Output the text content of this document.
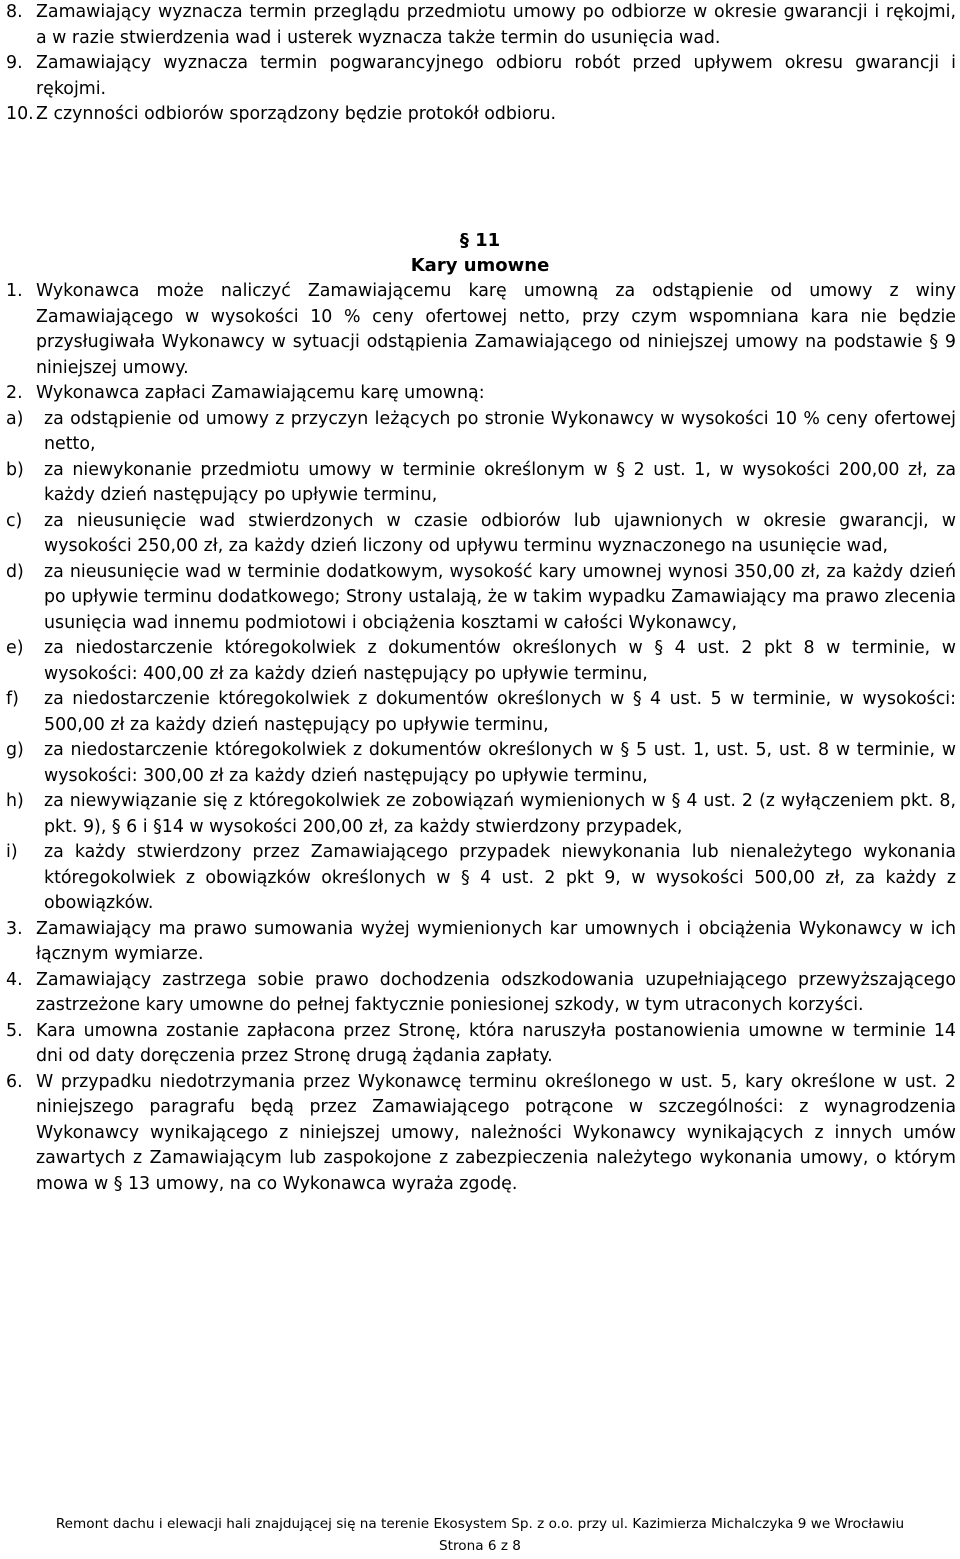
8. Zamawiający wyznacza termin przeglądu przedmiotu umowy po odbiorze w okresie gwarancji i rękojmi, a w razie stwierdzenia wad i usterek wyznacza także termin do usunięcia wad.
9. Zamawiający wyznacza termin pogwarancyjnego odbioru robót przed upływem okresu gwarancji i rękojmi.
10. Z czynności odbiorów sporządzony będzie protokół odbioru.
§ 11
Kary umowne
1. Wykonawca może naliczyć Zamawiającemu karę umowną za odstąpienie od umowy z winy Zamawiającego w wysokości 10 % ceny ofertowej netto, przy czym wspomniana kara nie będzie przysługiwała Wykonawcy w sytuacji odstąpienia Zamawiającego od niniejszej umowy na podstawie § 9 niniejszej umowy.
2. Wykonawca zapłaci Zamawiającemu karę umowną:
a)	za odstąpienie od umowy z przyczyn leżących po stronie Wykonawcy w wysokości 10 % ceny ofertowej netto,
b)	za niewykonanie przedmiotu umowy w terminie określonym w § 2 ust. 1, w wysokości 200,00 zł, za każdy dzień następujący po upływie terminu,
c)	za nieusunięcie wad stwierdzonych w czasie odbiorów lub ujawnionych w okresie gwarancji, w wysokości 250,00 zł, za każdy dzień liczony od upływu terminu wyznaczonego na usunięcie wad,
d)	za nieusunięcie wad w terminie dodatkowym, wysokość kary umownej wynosi 350,00 zł, za każdy dzień po upływie terminu dodatkowego; Strony ustalają, że w takim wypadku Zamawiający ma prawo zlecenia usunięcia wad innemu podmiotowi i obciążenia kosztami w całości Wykonawcy,
e)	za niedostarczenie któregokolwiek z dokumentów określonych w § 4 ust. 2 pkt 8 w terminie, w wysokości: 400,00 zł za każdy dzień następujący po upływie terminu,
f)	za niedostarczenie któregokolwiek z dokumentów określonych w § 4 ust. 5 w terminie, w wysokości: 500,00 zł za każdy dzień następujący po upływie terminu,
g)	za niedostarczenie któregokolwiek z dokumentów określonych w § 5 ust. 1, ust. 5, ust. 8 w terminie, w wysokości: 300,00 zł za każdy dzień następujący po upływie terminu,
h)	za niewywiązanie się z któregokolwiek ze zobowiązań wymienionych w § 4 ust. 2 (z wyłączeniem pkt. 8, pkt. 9), § 6 i §14 w wysokości 200,00 zł, za każdy stwierdzony przypadek,
i)	za każdy stwierdzony przez Zamawiającego przypadek niewykonania lub nienależytego wykonania któregokolwiek z obowiązków określonych w § 4 ust. 2 pkt 9, w wysokości 500,00 zł, za każdy z obowiązków.
3. Zamawiający ma prawo sumowania wyżej wymienionych kar umownych i obciążenia Wykonawcy w ich łącznym wymiarze.
4. Zamawiający zastrzega sobie prawo dochodzenia odszkodowania uzupełniającego przewyższającego zastrzeżone kary umowne do pełnej faktycznie poniesionej szkody, w tym utraconych korzyści.
5. Kara umowna zostanie zapłacona przez Stronę, która naruszyła postanowienia umowne w terminie 14 dni od daty doręczenia przez Stronę drugą żądania zapłaty.
6. W przypadku niedotrzymania przez Wykonawcę terminu określonego w ust. 5, kary określone w ust. 2 niniejszego paragrafu będą przez Zamawiającego potrącone w szczególności: z wynagrodzenia Wykonawcy wynikającego z niniejszej umowy, należności Wykonawcy wynikających z innych umów zawartych z Zamawiającym lub zaspokojone z zabezpieczenia należytego wykonania umowy, o którym mowa w § 13 umowy, na co Wykonawca wyraża zgodę.
Remont dachu i elewacji hali znajdującej się na terenie Ekosystem Sp. z o.o. przy ul. Kazimierza Michalczyka 9 we Wrocławiu
Strona 6 z 8
